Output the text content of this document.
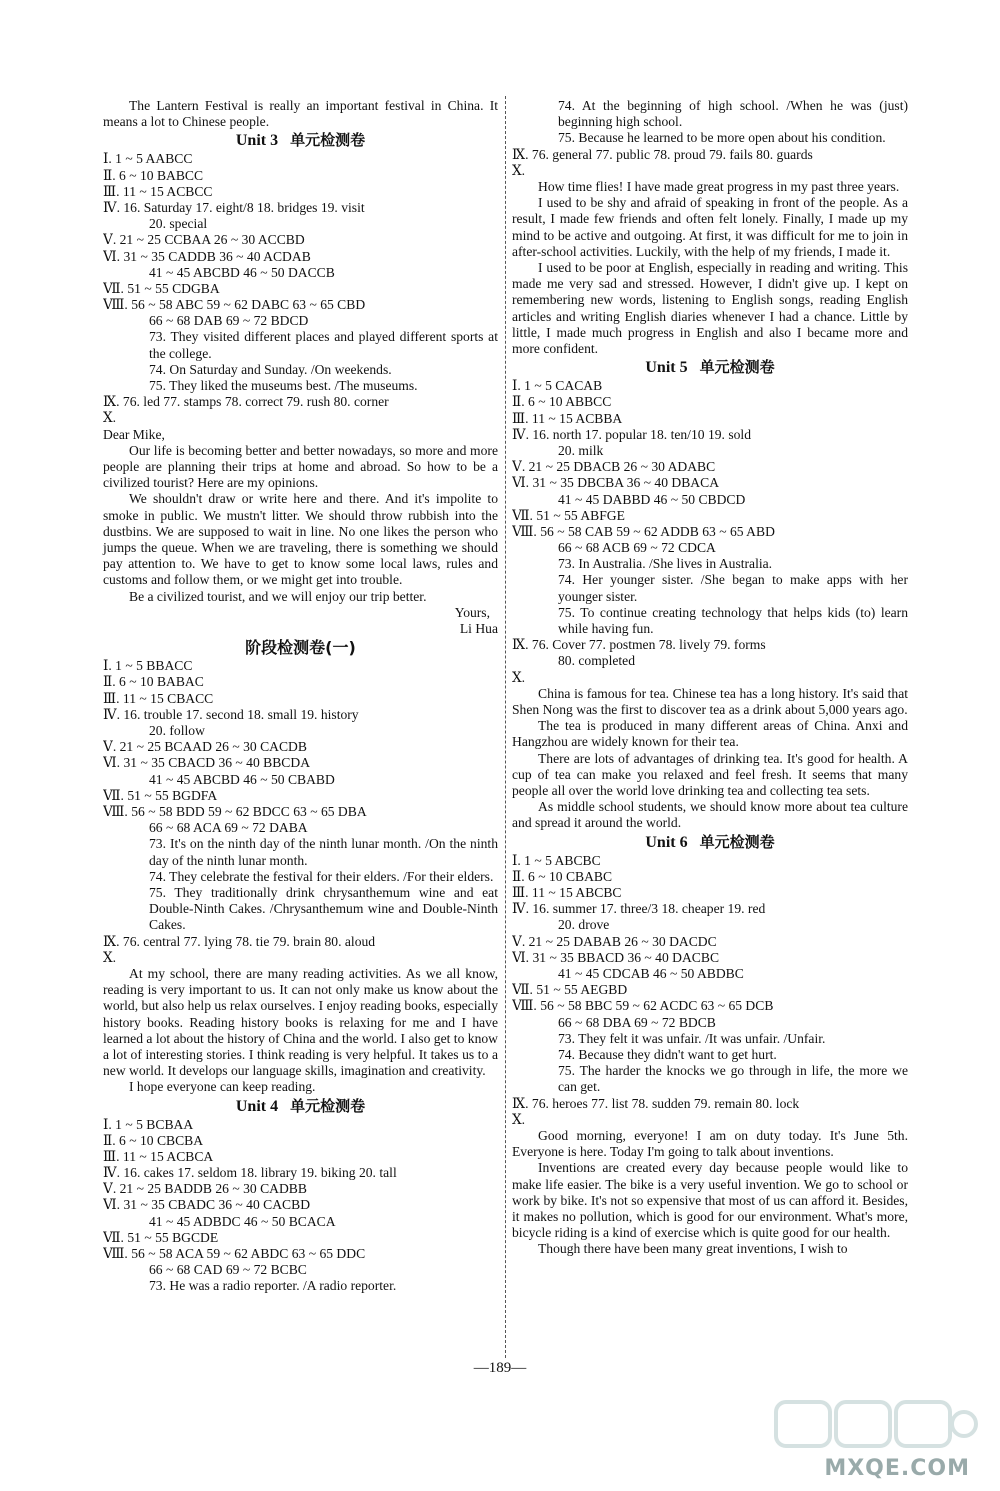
The Lantern Festival is really an important festival in China. It means a lot to Chinese people.

Unit 3 单元检测卷
Ⅰ. 1 ~ 5 AABCC
Ⅱ. 6 ~ 10 BABCC
Ⅲ. 11 ~ 15 ACBCC
Ⅳ. 16. Saturday 17. eight/8 18. bridges 19. visit
20. special
Ⅴ. 21 ~ 25 CCBAA 26 ~ 30 ACCBD
Ⅵ. 31 ~ 35 CADDB 36 ~ 40 ACDAB
41 ~ 45 ABCBD 46 ~ 50 DACCB
Ⅶ. 51 ~ 55 CDGBA
Ⅷ. 56 ~ 58 ABC 59 ~ 62 DABC 63 ~ 65 CBD
66 ~ 68 DAB 69 ~ 72 BDCD

73. They visited different places and played different sports at the college.

74. On Saturday and Sunday. /On weekends.
75. They liked the museums best. /The museums.
Ⅸ. 76. led 77. stamps 78. correct 79. rush 80. corner
Ⅹ.
Dear Mike,

Our life is becoming better and better nowadays, so more and more people are planning their trips at home and abroad. So how to be a civilized tourist? Here are my opinions.

We shouldn't draw or write here and there. And it's impolite to smoke in public. We mustn't litter. We should throw rubbish into the dustbins. We are supposed to wait in line. No one likes the person who jumps the queue. When we are traveling, there is something we should pay attention to. We have to get to know some local laws, rules and customs and follow them, or we might get into trouble.

Be a civilized tourist, and we will enjoy our trip better.

Yours,
Li Hua
阶段检测卷(一)
Ⅰ. 1 ~ 5 BBACC
Ⅱ. 6 ~ 10 BABAC
Ⅲ. 11 ~ 15 CBACC
Ⅳ. 16. trouble 17. second 18. small 19. history
20. follow
Ⅴ. 21 ~ 25 BCAAD 26 ~ 30 CACDB
Ⅵ. 31 ~ 35 CBACD 36 ~ 40 BBCDA
41 ~ 45 ABCBD 46 ~ 50 CBABD
Ⅶ. 51 ~ 55 BGDFA
Ⅷ. 56 ~ 58 BDD 59 ~ 62 BDCC 63 ~ 65 DBA
66 ~ 68 ACA 69 ~ 72 DABA

73. It's on the ninth day of the ninth lunar month. /On the ninth day of the ninth lunar month.

74. They celebrate the festival for their elders. /For their elders.

75. They traditionally drink chrysanthemum wine and eat Double-Ninth Cakes. /Chrysanthemum wine and Double-Ninth Cakes.

Ⅸ. 76. central 77. lying 78. tie 79. brain 80. aloud
Ⅹ.

At my school, there are many reading activities. As we all know, reading is very important to us. It can not only make us know about the world, but also help us relax ourselves. I enjoy reading books, especially history books. Reading history books is relaxing for me and I have learned a lot about the history of China and the world. I also get to know a lot of interesting stories. I think reading is very helpful. It takes us to a new world. It develops our language skills, imagination and creativity.

I hope everyone can keep reading.

Unit 4 单元检测卷
Ⅰ. 1 ~ 5 BCBAA
Ⅱ. 6 ~ 10 CBCBA
Ⅲ. 11 ~ 15 ACBCA
Ⅳ. 16. cakes 17. seldom 18. library 19. biking 20. tall
Ⅴ. 21 ~ 25 BADDB 26 ~ 30 CADBB
Ⅵ. 31 ~ 35 CBADC 36 ~ 40 CACBD
41 ~ 45 ADBDC 46 ~ 50 BCACA
Ⅶ. 51 ~ 55 BGCDE
Ⅷ. 56 ~ 58 ACA 59 ~ 62 ABDC 63 ~ 65 DDC
66 ~ 68 CAD 69 ~ 72 BCBC
73. He was a radio reporter. /A radio reporter.

74. At the beginning of high school. /When he was (just) beginning high school.

75. Because he learned to be more open about his condition.

Ⅸ. 76. general 77. public 78. proud 79. fails 80. guards
Ⅹ.

How time flies! I have made great progress in my past three years.

I used to be shy and afraid of speaking in front of the people. As a result, I made few friends and often felt lonely. Finally, I made up my mind to be active and outgoing. At first, it was difficult for me to join in after-school activities. Luckily, with the help of my friends, I made it.

I used to be poor at English, especially in reading and writing. This made me very sad and stressed. However, I didn't give up. I kept on remembering new words, listening to English songs, reading English articles and writing English diaries whenever I had a chance. Little by little, I made much progress in English and also I became more and more confident.

Unit 5 单元检测卷
Ⅰ. 1 ~ 5 CACAB
Ⅱ. 6 ~ 10 ABBCC
Ⅲ. 11 ~ 15 ACBBA
Ⅳ. 16. north 17. popular 18. ten/10 19. sold
20. milk
Ⅴ. 21 ~ 25 DBACB 26 ~ 30 ADABC
Ⅵ. 31 ~ 35 DBCBA 36 ~ 40 DBACA
41 ~ 45 DABBD 46 ~ 50 CBDCD
Ⅶ. 51 ~ 55 ABFGE
Ⅷ. 56 ~ 58 CAB 59 ~ 62 ADDB 63 ~ 65 ABD
66 ~ 68 ACB 69 ~ 72 CDCA
73. In Australia. /She lives in Australia.

74. Her younger sister. /She began to make apps with her younger sister.

75. To continue creating technology that helps kids (to) learn while having fun.

Ⅸ. 76. Cover 77. postmen 78. lively 79. forms
80. completed
Ⅹ.

China is famous for tea. Chinese tea has a long history. It's said that Shen Nong was the first to discover tea as a drink about 5,000 years ago.

The tea is produced in many different areas of China. Anxi and Hangzhou are widely known for their tea.

There are lots of advantages of drinking tea. It's good for health. A cup of tea can make you relaxed and feel fresh. It seems that many people all over the world love drinking tea and collecting tea sets.

As middle school students, we should know more about tea culture and spread it around the world.

Unit 6 单元检测卷
Ⅰ. 1 ~ 5 ABCBC
Ⅱ. 6 ~ 10 CBABC
Ⅲ. 11 ~ 15 ABCBC
Ⅳ. 16. summer 17. three/3 18. cheaper 19. red
20. drove
Ⅴ. 21 ~ 25 DABAB 26 ~ 30 DACDC
Ⅵ. 31 ~ 35 BBACD 36 ~ 40 DACBC
41 ~ 45 CDCAB 46 ~ 50 ABDBC
Ⅶ. 51 ~ 55 AEGBD
Ⅷ. 56 ~ 58 BBC 59 ~ 62 ACDC 63 ~ 65 DCB
66 ~ 68 DBA 69 ~ 72 BDCB
73. They felt it was unfair. /It was unfair. /Unfair.
74. Because they didn't want to get hurt.

75. The harder the knocks we go through in life, the more we can get.

Ⅸ. 76. heroes 77. list 78. sudden 79. remain 80. lock
Ⅹ.

Good morning, everyone! I am on duty today. It's June 5th. Everyone is here. Today I'm going to talk about inventions.

Inventions are created every day because people would like to make life easier. The bike is a very useful invention. We go to school or work by bike. It's not so expensive that most of us can afford it. Besides, it makes no pollution, which is good for our environment. What's more, bicycle riding is a kind of exercise which is quite good for our health.

Though there have been many great inventions, I wish to

—189—
MXQE.COM
